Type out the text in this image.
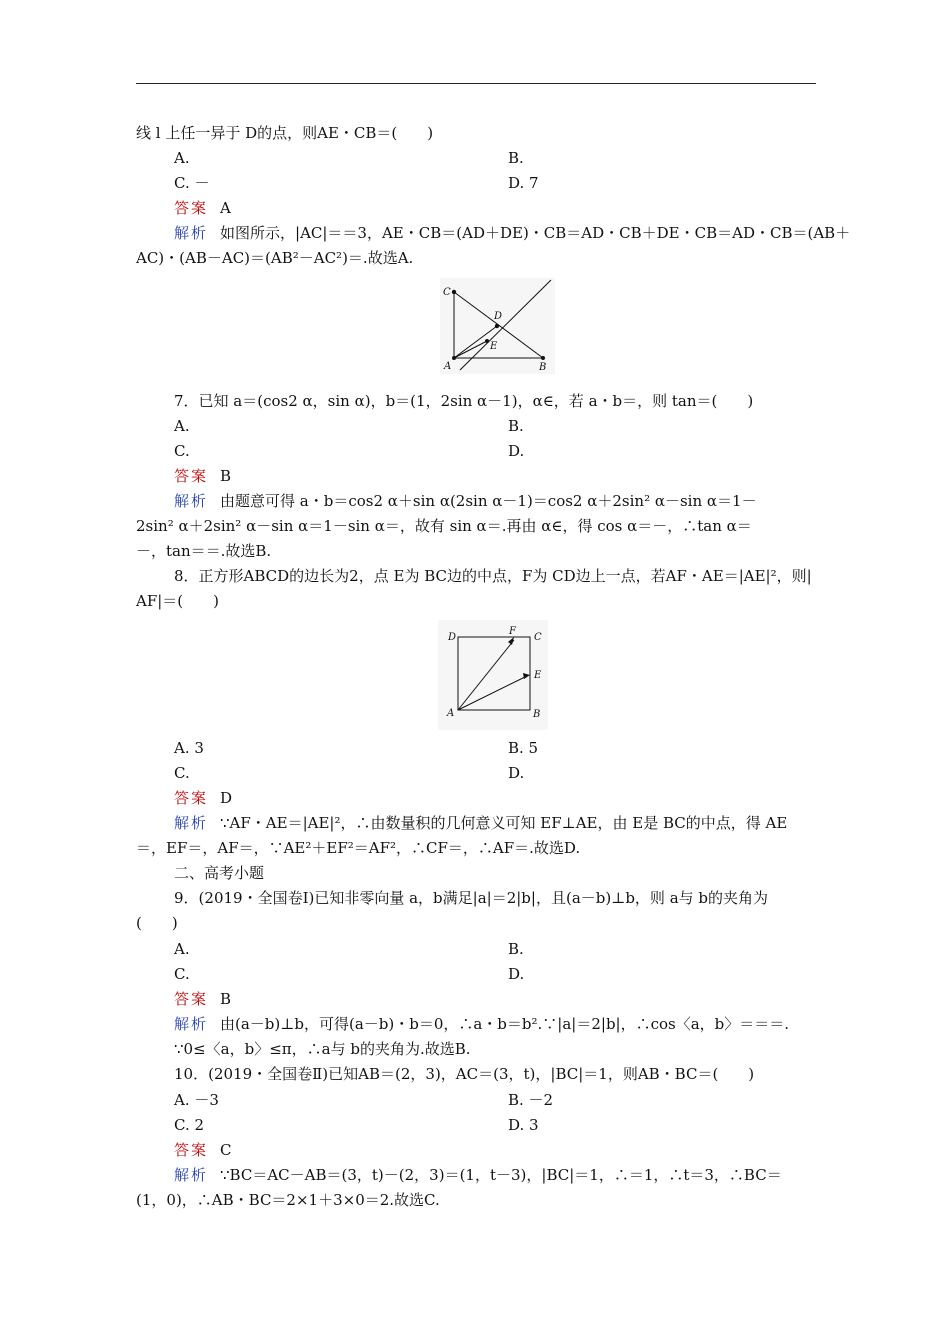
线 l 上任一异于 D的点，则AE・CB＝(　　)
A.	B.
C. －	D. 7
答案 A
解析 如图所示，|AC|＝＝3，AE・CB＝(AD＋DE)・CB＝AD・CB＋DE・CB＝AD・CB＝(AB＋
AC)・(AB－AC)＝(AB²－AC²)＝.故选A.
C
D
E
A	B
7．已知 a＝(cos2 α，sin α)，b＝(1，2sin α－1)，α∈，若 a・b＝，则 tan＝(　　)
A.	B.
C.	D.
答案 B
解析 由题意可得 a・b＝cos2 α＋sin α(2sin α－1)＝cos2 α＋2sin² α－sin α＝1－
2sin² α＋2sin² α－sin α＝1－sin α＝，故有 sin α＝.再由 α∈，得 cos α＝－，∴tan α＝
－，tan＝＝.故选B.
8．正方形ABCD的边长为2，点 E为 BC边的中点，F为 CD边上一点，若AF・AE＝|AE|²，则|
AF|＝(　　)
D
F
C
E
A	B
A. 3	B. 5
C.	D.
答案 D
解析 ∵AF・AE＝|AE|²，∴由数量积的几何意义可知 EF⊥AE，由 E是 BC的中点，得 AE
＝，EF＝，AF＝，∵AE²＋EF²＝AF²，∴CF＝，∴AF＝.故选D.
二、高考小题
9．(2019・全国卷Ⅰ)已知非零向量 a，b满足|a|＝2|b|，且(a－b)⊥b，则 a与 b的夹角为
(　　)
A.	B.
C.	D.
答案 B
解析 由(a－b)⊥b，可得(a－b)・b＝0，∴a・b＝b².∵|a|＝2|b|，∴cos〈a，b〉＝＝＝.
∵0≤〈a，b〉≤π，∴a与 b的夹角为.故选B.
10．(2019・全国卷Ⅱ)已知AB＝(2，3)，AC＝(3，t)，|BC|＝1，则AB・BC＝(　　)
A. －3	B. －2
C. 2	D. 3
答案 C
解析 ∵BC＝AC－AB＝(3，t)－(2，3)＝(1，t－3)，|BC|＝1，∴＝1，∴t＝3，∴BC＝
(1，0)，∴AB・BC＝2×1＋3×0＝2.故选C.
